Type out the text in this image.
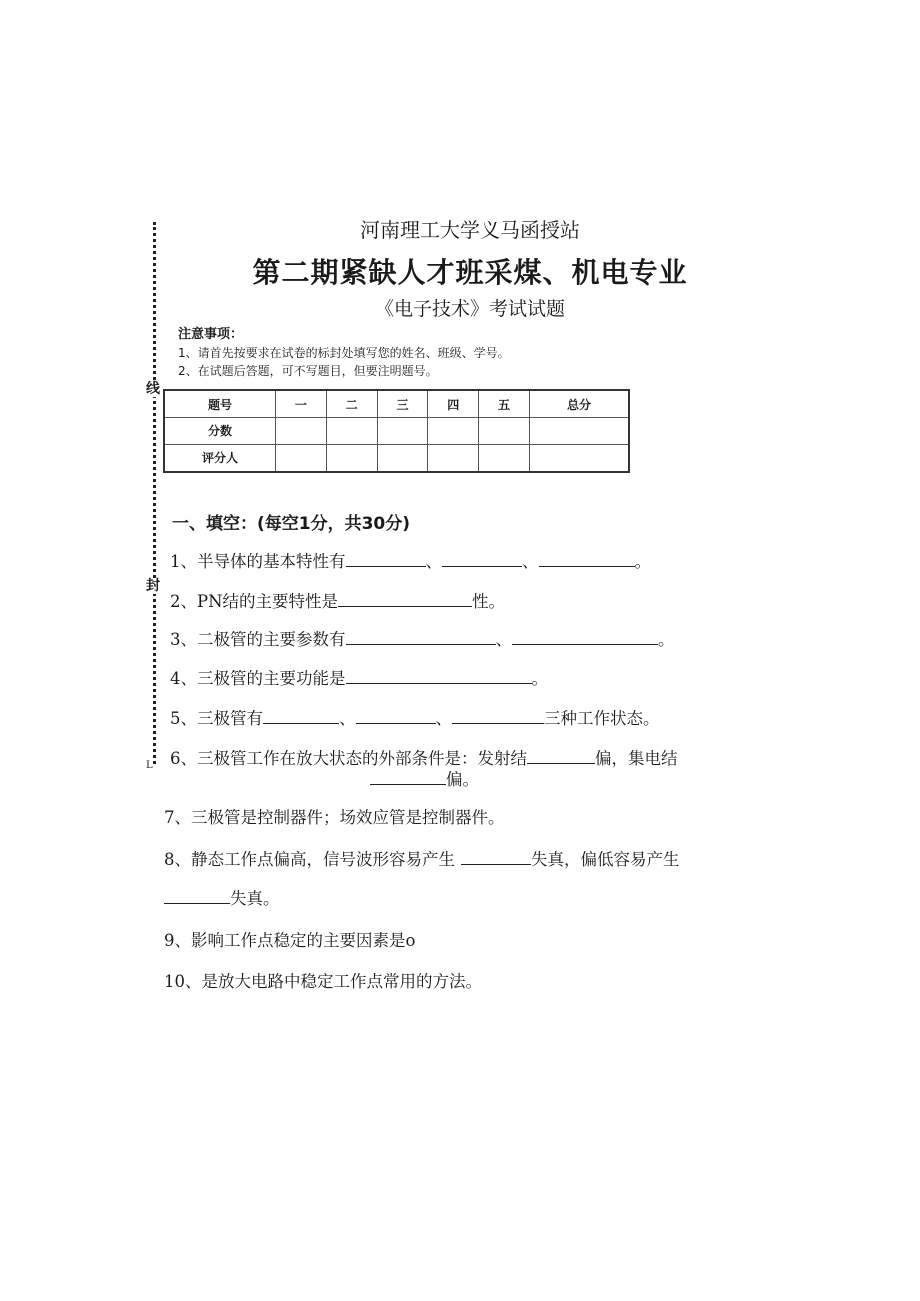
线
封
L
河南理工大学义马函授站
第二期紧缺人才班采煤、机电专业
《电子技术》考试试题
注意事项：
1、请首先按要求在试卷的标封处填写您的姓名、班级、学号。
2、在试题后答题，可不写题目，但要注明题号。
题号	一	二	三	四	五	总分
分数						
评分人						
一、填空：(每空1分，共30分)
1、半导体的基本特性有	、	、	。
2、PN结的主要特性是	性。
3、二极管的主要参数有	、	。
4、三极管的主要功能是	。
5、三极管有	、	、	三种工作状态。
6、三极管工作在放大状态的外部条件是：发射结	偏，集电结
偏。
7、三极管是控制器件；场效应管是控制器件。
8、静态工作点偏高，信号波形容易产生	失真，偏低容易产生
失真。
9、影响工作点稳定的主要因素是o
10、是放大电路中稳定工作点常用的方法。
